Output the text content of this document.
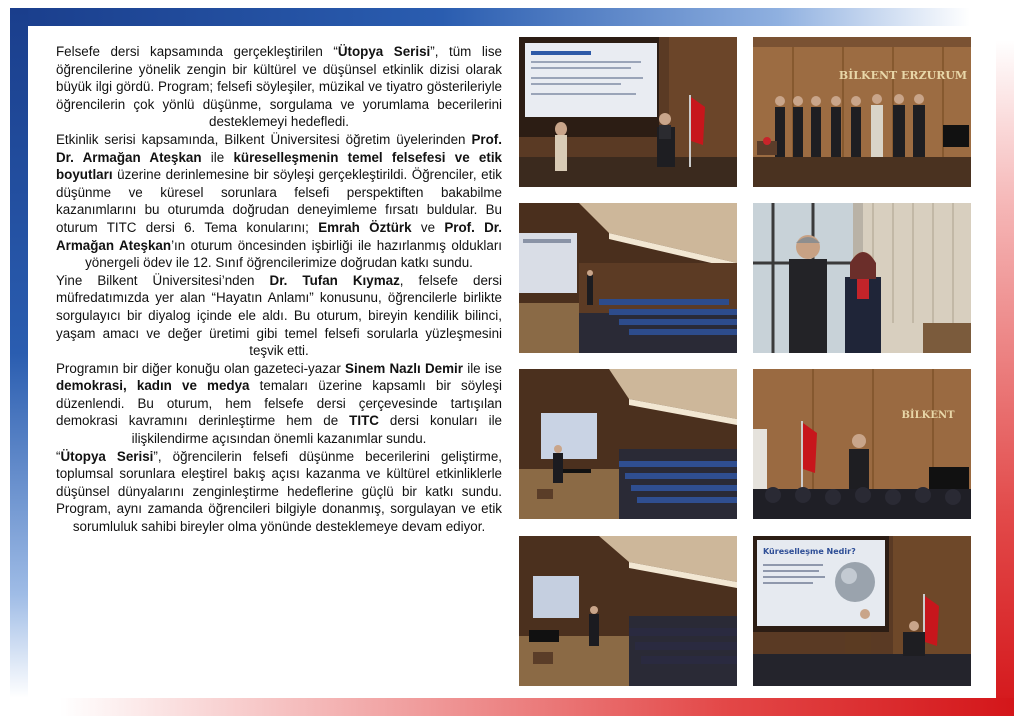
Felsefe dersi kapsamında gerçekleştirilen “Ütopya Serisi”, tüm lise öğrencilerine yönelik zengin bir kültürel ve düşünsel etkinlik dizisi olarak büyük ilgi gördü. Program; felsefi söyleşiler, müzikal ve tiyatro gösterileriyle öğrencilerin çok yönlü düşünme, sorgulama ve yorumlama becerilerini desteklemeyi hedefledi.

Etkinlik serisi kapsamında, Bilkent Üniversitesi öğretim üyelerinden Prof. Dr. Armağan Ateşkan ile küreselleşmenin temel felsefesi ve etik boyutları üzerine derinlemesine bir söyleşi gerçekleştirildi. Öğrenciler, etik düşünme ve küresel sorunlara felsefi perspektiften bakabilme kazanımlarını bu oturumda doğrudan deneyimleme fırsatı buldular. Bu oturum TITC dersi 6. Tema konularını; Emrah Öztürk ve Prof. Dr. Armağan Ateşkan’ın oturum öncesinden işbirliği ile hazırlanmış oldukları yönergeli ödev ile 12. Sınıf öğrencilerimize doğrudan katkı sundu.

Yine Bilkent Üniversitesi’nden Dr. Tufan Kıymaz, felsefe dersi müfredatımızda yer alan “Hayatın Anlamı” konusunu, öğrencilerle birlikte sorgulayıcı bir diyalog içinde ele aldı. Bu oturum, bireyin kendilik bilinci, yaşam amacı ve değer üretimi gibi temel felsefi sorularla yüzleşmesini teşvik etti.

Programın bir diğer konuğu olan gazeteci-yazar Sinem Nazlı Demir ile ise demokrasi, kadın ve medya temaları üzerine kapsamlı bir söyleşi düzenlendi. Bu oturum, hem felsefe dersi çerçevesinde tartışılan demokrasi kavramını derinleştirme hem de TITC dersi konuları ile ilişkilendirme açısından önemli kazanımlar sundu.

“Ütopya Serisi”, öğrencilerin felsefi düşünme becerilerini geliştirme, toplumsal sorunlara eleştirel bakış açısı kazanma ve kültürel etkinliklerle düşünsel dünyalarını zenginleştirme hedeflerine güçlü bir katkı sundu. Program, aynı zamanda öğrencileri bilgiyle donanmış, sorgulayan ve etik sorumluluk sahibi bireyler olma yönünde desteklemeye devam ediyor.

BİLKENT ERZURUM
BİLKENT
Küreselleşme Nedir?
